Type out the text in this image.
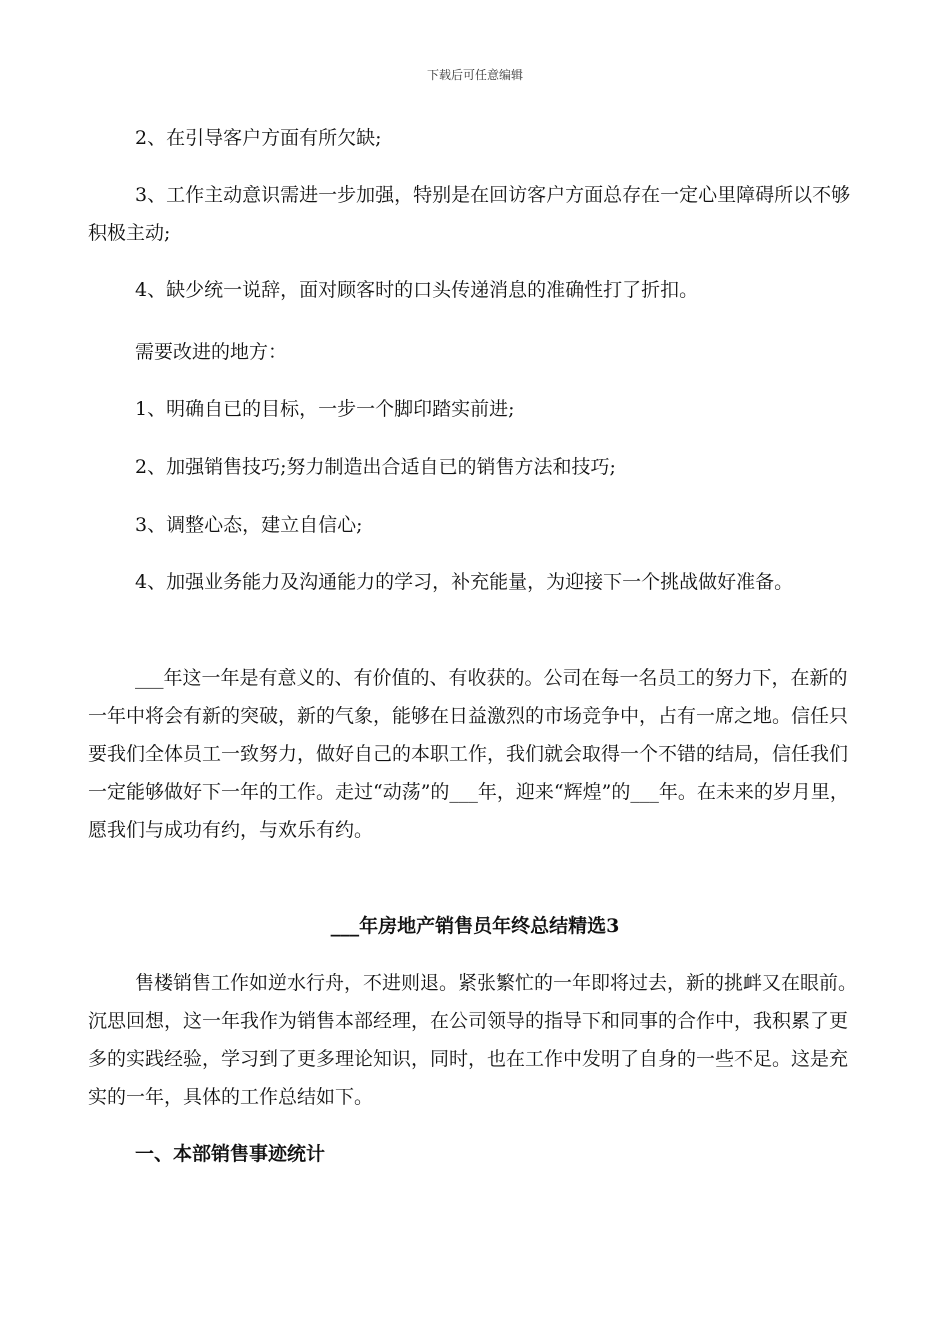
下载后可任意编辑

2、在引导客户方面有所欠缺;

3、工作主动意识需进一步加强，特别是在回访客户方面总存在一定心里障碍所以不够积极主动;

4、缺少统一说辞，面对顾客时的口头传递消息的准确性打了折扣。

需要改进的地方：

1、明确自已的目标，一步一个脚印踏实前进;

2、加强销售技巧;努力制造出合适自已的销售方法和技巧;

3、调整心态，建立自信心;

4、加强业务能力及沟通能力的学习，补充能量，为迎接下一个挑战做好准备。

___年这一年是有意义的、有价值的、有收获的。公司在每一名员工的努力下，在新的一年中将会有新的突破，新的气象，能够在日益激烈的市场竞争中，占有一席之地。信任只要我们全体员工一致努力，做好自己的本职工作，我们就会取得一个不错的结局，信任我们一定能够做好下一年的工作。走过“动荡”的___年，迎来“辉煌”的___年。在未来的岁月里，愿我们与成功有约，与欢乐有约。

___年房地产销售员年终总结精选3

售楼销售工作如逆水行舟，不进则退。紧张繁忙的一年即将过去，新的挑衅又在眼前。沉思回想，这一年我作为销售本部经理，在公司领导的指导下和同事的合作中，我积累了更多的实践经验，学习到了更多理论知识，同时，也在工作中发明了自身的一些不足。这是充实的一年，具体的工作总结如下。

一、本部销售事迹统计
